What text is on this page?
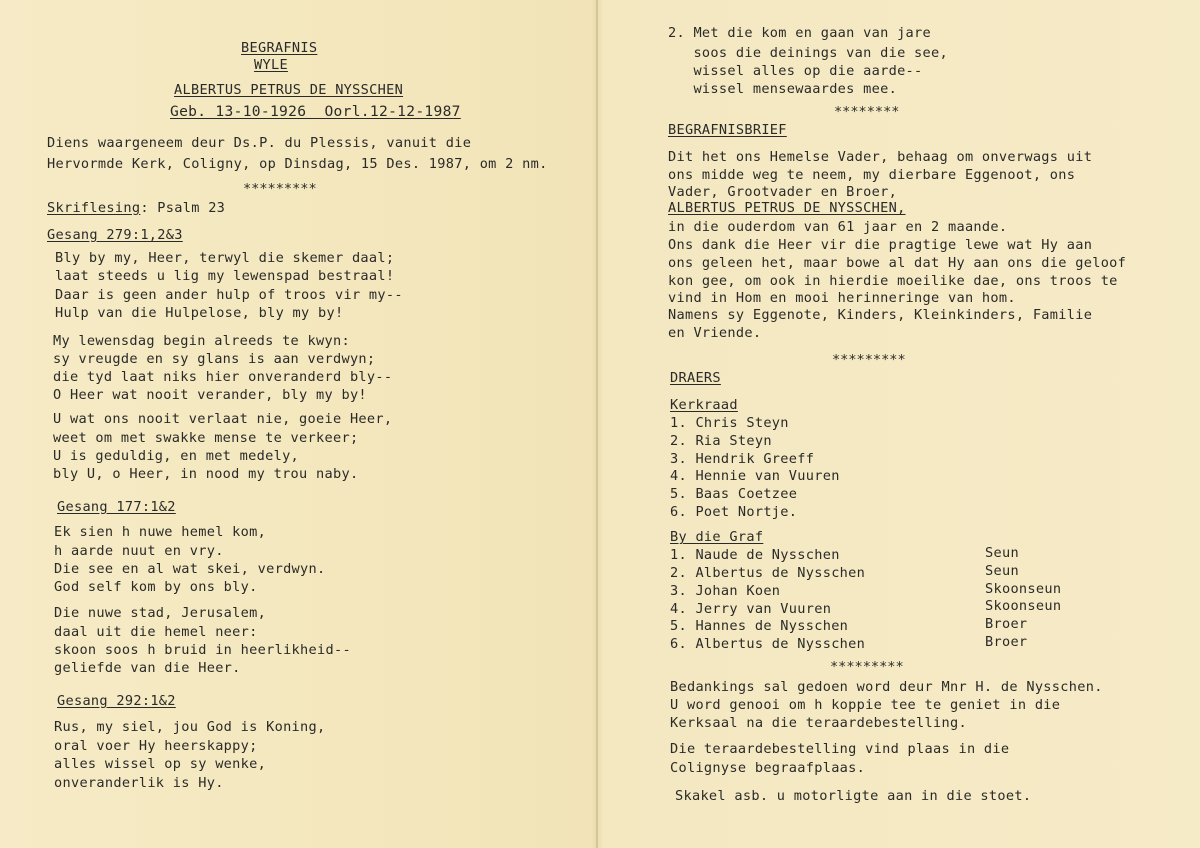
BEGRAFNIS
WYLE
ALBERTUS PETRUS DE NYSSCHEN
Geb. 13-10-1926  Oorl.12-12-1987
Diens waargeneem deur Ds.P. du Plessis, vanuit die
Hervormde Kerk, Coligny, op Dinsdag, 15 Des. 1987, om 2 nm.
*********
Skriflesing: Psalm 23
Gesang 279:1,2&3
Bly by my, Heer, terwyl die skemer daal;
laat steeds u lig my lewenspad bestraal!
Daar is geen ander hulp of troos vir my--
Hulp van die Hulpelose, bly my by!
My lewensdag begin alreeds te kwyn:
sy vreugde en sy glans is aan verdwyn;
die tyd laat niks hier onveranderd bly--
O Heer wat nooit verander, bly my by!
U wat ons nooit verlaat nie, goeie Heer,
weet om met swakke mense te verkeer;
U is geduldig, en met medely,
bly U, o Heer, in nood my trou naby.
Gesang 177:1&2
Ek sien h nuwe hemel kom,
h aarde nuut en vry.
Die see en al wat skei, verdwyn.
God self kom by ons bly.
Die nuwe stad, Jerusalem,
daal uit die hemel neer:
skoon soos h bruid in heerlikheid--
geliefde van die Heer.
Gesang 292:1&2
Rus, my siel, jou God is Koning,
oral voer Hy heerskappy;
alles wissel op sy wenke,
onveranderlik is Hy.
2. Met die kom en gaan van jare
soos die deinings van die see,
wissel alles op die aarde--
wissel mensewaardes mee.
********
BEGRAFNISBRIEF
Dit het ons Hemelse Vader, behaag om onverwags uit
ons midde weg te neem, my dierbare Eggenoot, ons
Vader, Grootvader en Broer,
ALBERTUS PETRUS DE NYSSCHEN,
in die ouderdom van 61 jaar en 2 maande.
Ons dank die Heer vir die pragtige lewe wat Hy aan
ons geleen het, maar bowe al dat Hy aan ons die geloof
kon gee, om ook in hierdie moeilike dae, ons troos te
vind in Hom en mooi herinneringe van hom.
Namens sy Eggenote, Kinders, Kleinkinders, Familie
en Vriende.
*********
DRAERS
Kerkraad
1. Chris Steyn
2. Ria Steyn
3. Hendrik Greeff
4. Hennie van Vuuren
5. Baas Coetzee
6. Poet Nortje.
By die Graf
1. Naude de Nysschen	Seun
2. Albertus de Nysschen	Seun
3. Johan Koen	Skoonseun
4. Jerry van Vuuren	Skoonseun
5. Hannes de Nysschen	Broer
6. Albertus de Nysschen	Broer
*********
Bedankings sal gedoen word deur Mnr H. de Nysschen.
U word genooi om h koppie tee te geniet in die
Kerksaal na die teraardebestelling.
Die teraardebestelling vind plaas in die
Colignyse begraafplaas.
Skakel asb. u motorligte aan in die stoet.
